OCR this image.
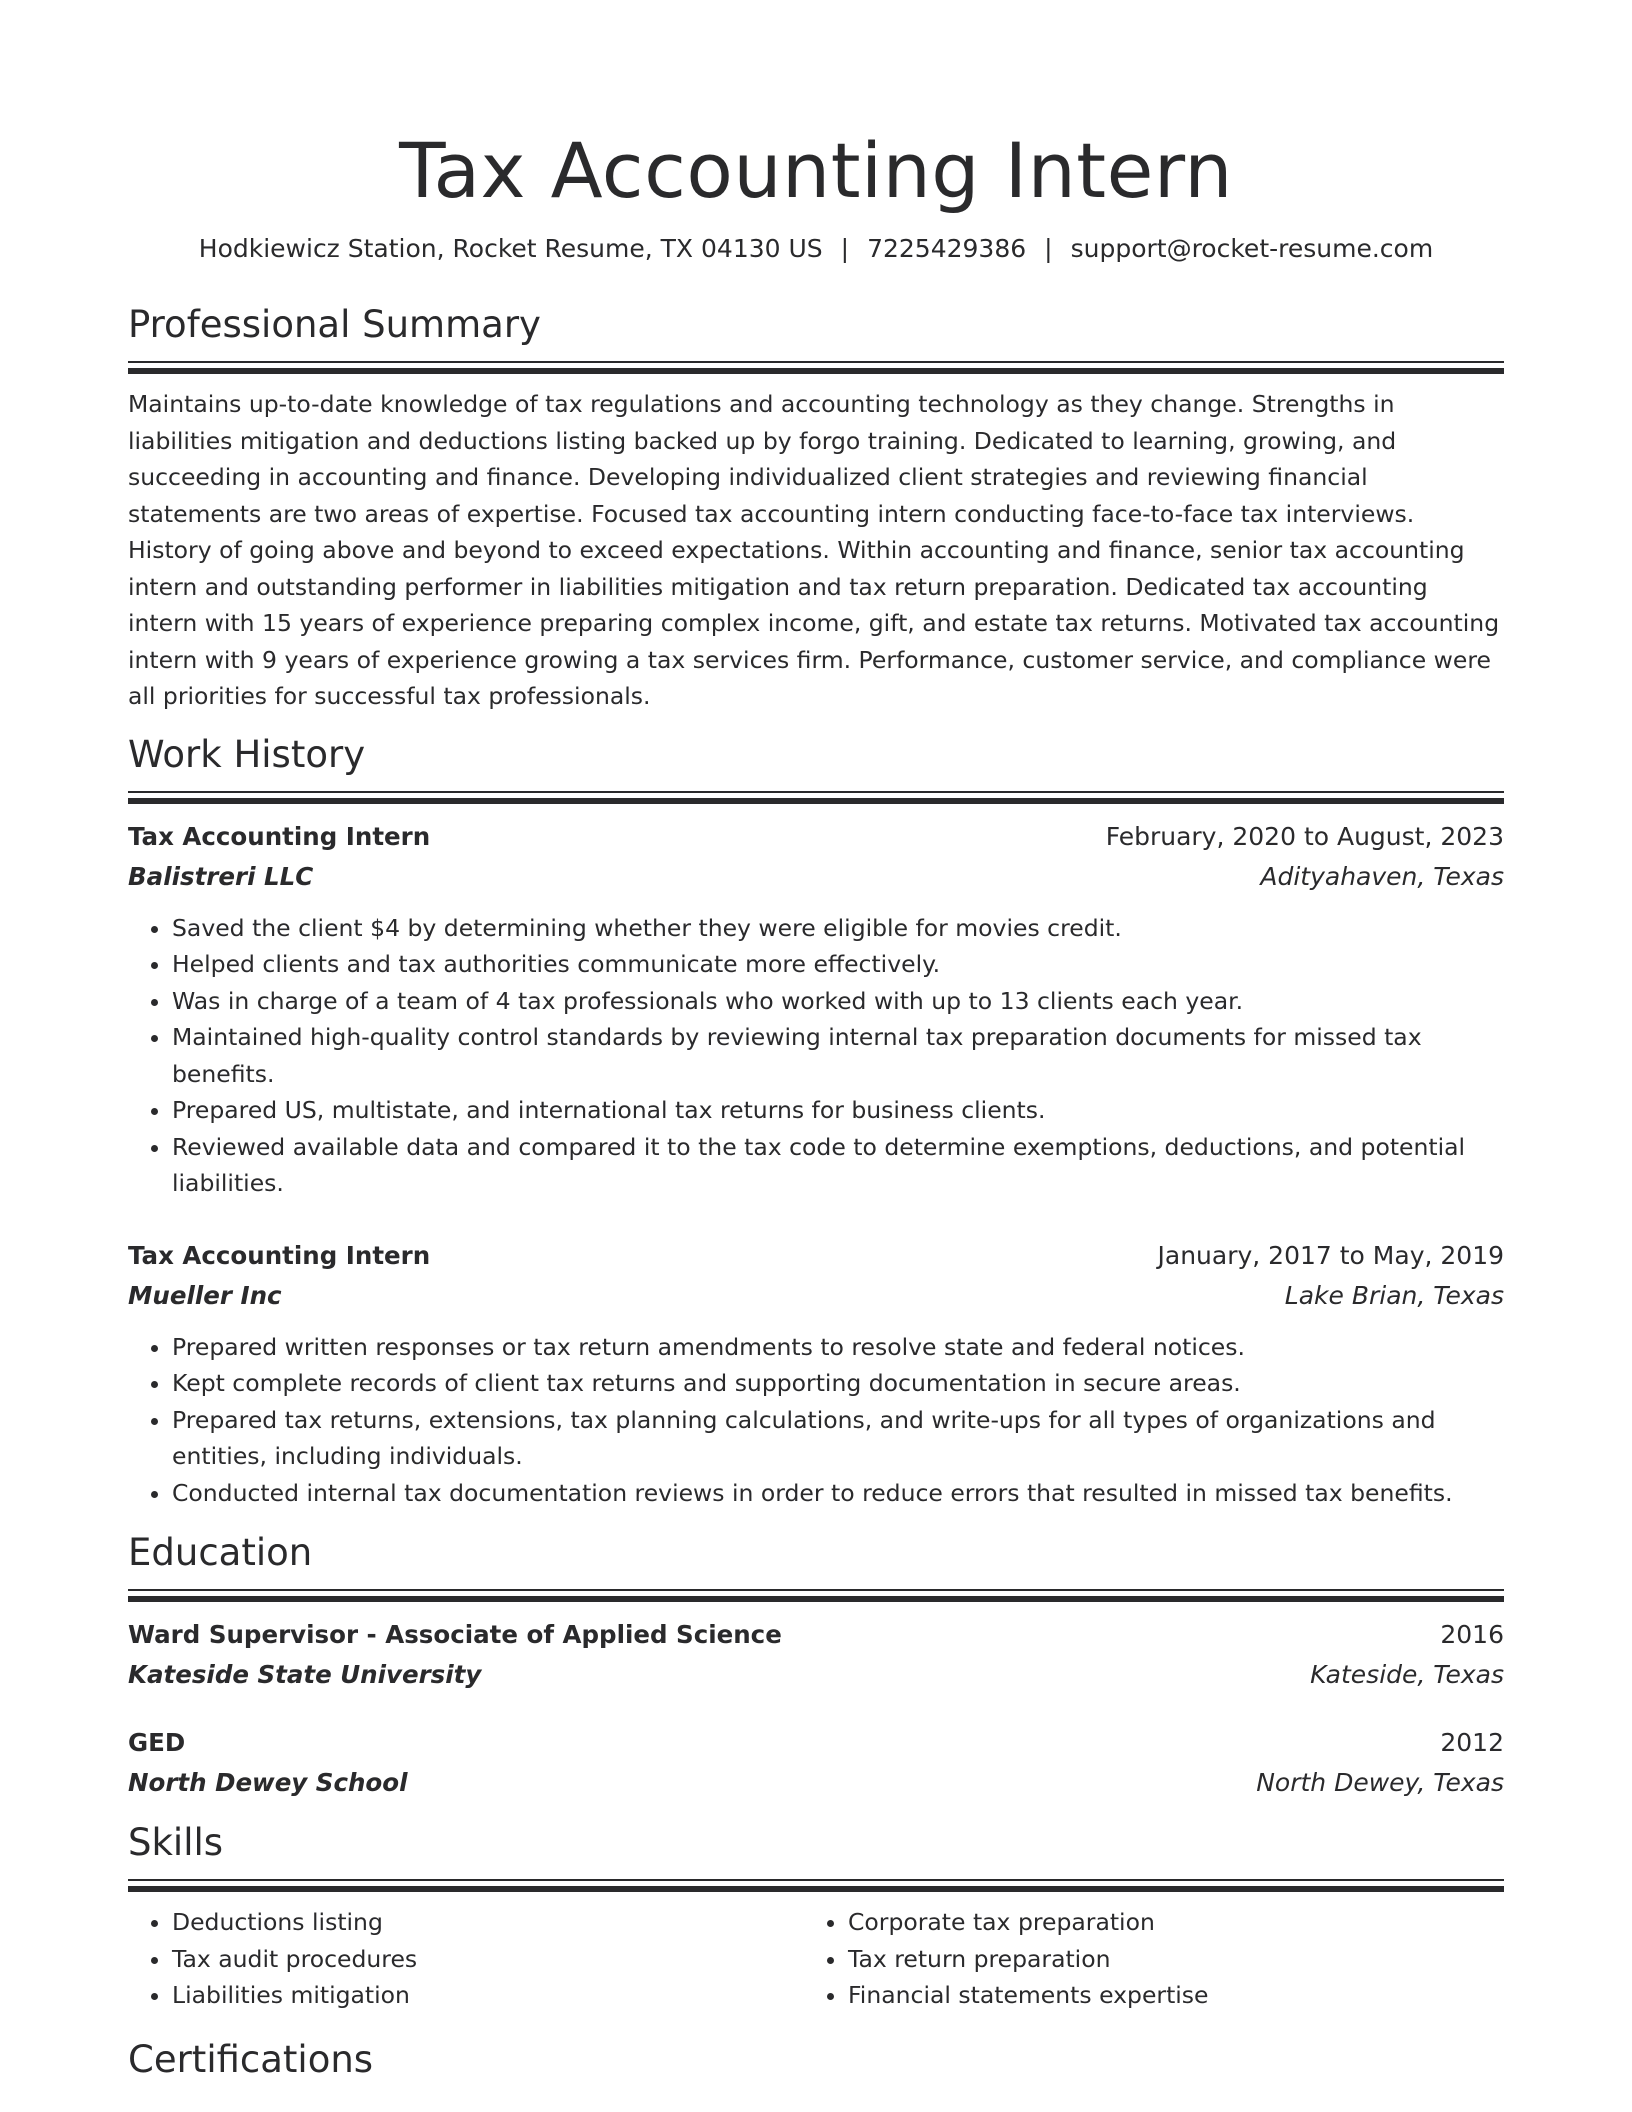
Tax Accounting Intern
Hodkiewicz Station, Rocket Resume, TX 04130 US | 7225429386 | support@rocket-resume.com
Professional Summary
Maintains up-to-date knowledge of tax regulations and accounting technology as they change. Strengths in liabilities mitigation and deductions listing backed up by forgo training. Dedicated to learning, growing, and succeeding in accounting and finance. Developing individualized client strategies and reviewing financial statements are two areas of expertise. Focused tax accounting intern conducting face-to-face tax interviews. History of going above and beyond to exceed expectations. Within accounting and finance, senior tax accounting intern and outstanding performer in liabilities mitigation and tax return preparation. Dedicated tax accounting intern with 15 years of experience preparing complex income, gift, and estate tax returns. Motivated tax accounting intern with 9 years of experience growing a tax services firm. Performance, customer service, and compliance were all priorities for successful tax professionals.
Work History
Tax Accounting Intern	February, 2020 to August, 2023
Balistreri LLC	Adityahaven, Texas
• Saved the client $4 by determining whether they were eligible for movies credit.
• Helped clients and tax authorities communicate more effectively.
• Was in charge of a team of 4 tax professionals who worked with up to 13 clients each year.
• Maintained high-quality control standards by reviewing internal tax preparation documents for missed tax benefits.
• Prepared US, multistate, and international tax returns for business clients.
• Reviewed available data and compared it to the tax code to determine exemptions, deductions, and potential liabilities.
Tax Accounting Intern	January, 2017 to May, 2019
Mueller Inc	Lake Brian, Texas
• Prepared written responses or tax return amendments to resolve state and federal notices.
• Kept complete records of client tax returns and supporting documentation in secure areas.
• Prepared tax returns, extensions, tax planning calculations, and write-ups for all types of organizations and entities, including individuals.
• Conducted internal tax documentation reviews in order to reduce errors that resulted in missed tax benefits.
Education
Ward Supervisor - Associate of Applied Science	2016
Kateside State University	Kateside, Texas
GED	2012
North Dewey School	North Dewey, Texas
Skills
• Deductions listing
• Tax audit procedures
• Liabilities mitigation
• Corporate tax preparation
• Tax return preparation
• Financial statements expertise
Certifications
